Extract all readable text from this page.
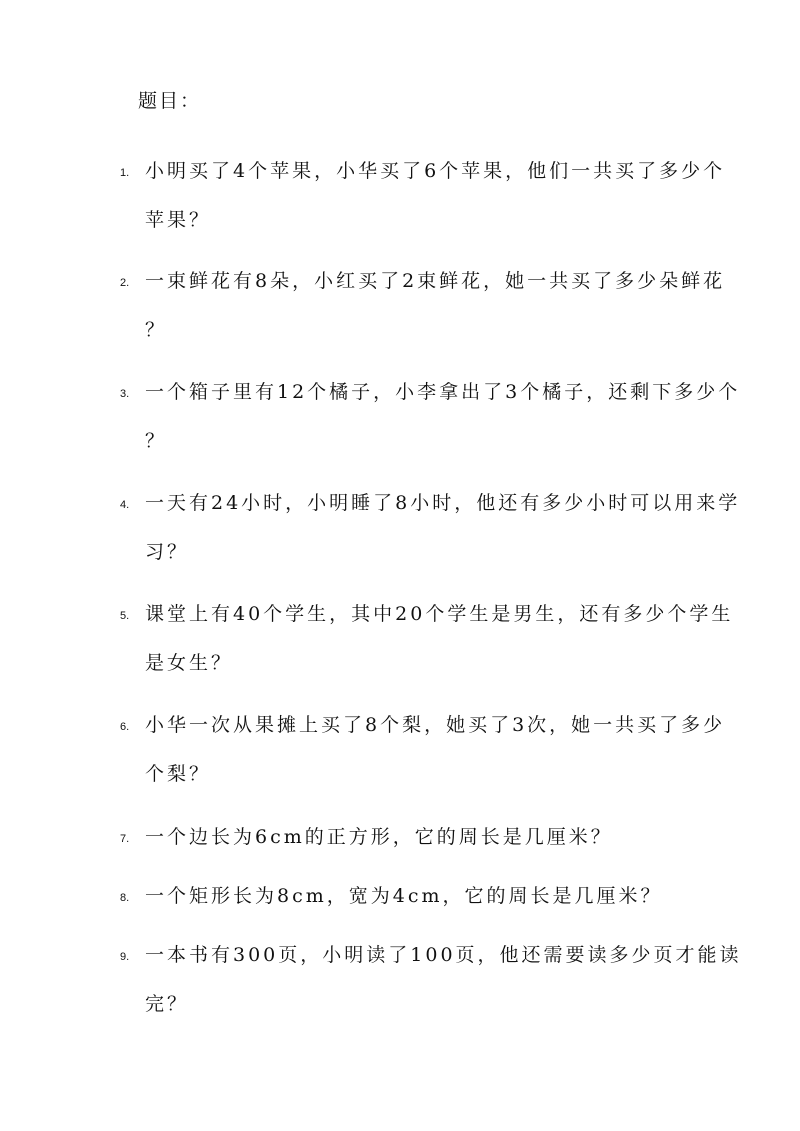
题目：
1. 小明买了4个苹果，小华买了6个苹果，他们一共买了多少个
苹果？
2. 一束鲜花有8朵，小红买了2束鲜花，她一共买了多少朵鲜花
？
3. 一个箱子里有12个橘子，小李拿出了3个橘子，还剩下多少个
？
4. 一天有24小时，小明睡了8小时，他还有多少小时可以用来学
习？
5. 课堂上有40个学生，其中20个学生是男生，还有多少个学生
是女生？
6. 小华一次从果摊上买了8个梨，她买了3次，她一共买了多少
个梨？
7. 一个边长为6cm的正方形，它的周长是几厘米？
8. 一个矩形长为8cm，宽为4cm，它的周长是几厘米？
9. 一本书有300页，小明读了100页，他还需要读多少页才能读
完？
